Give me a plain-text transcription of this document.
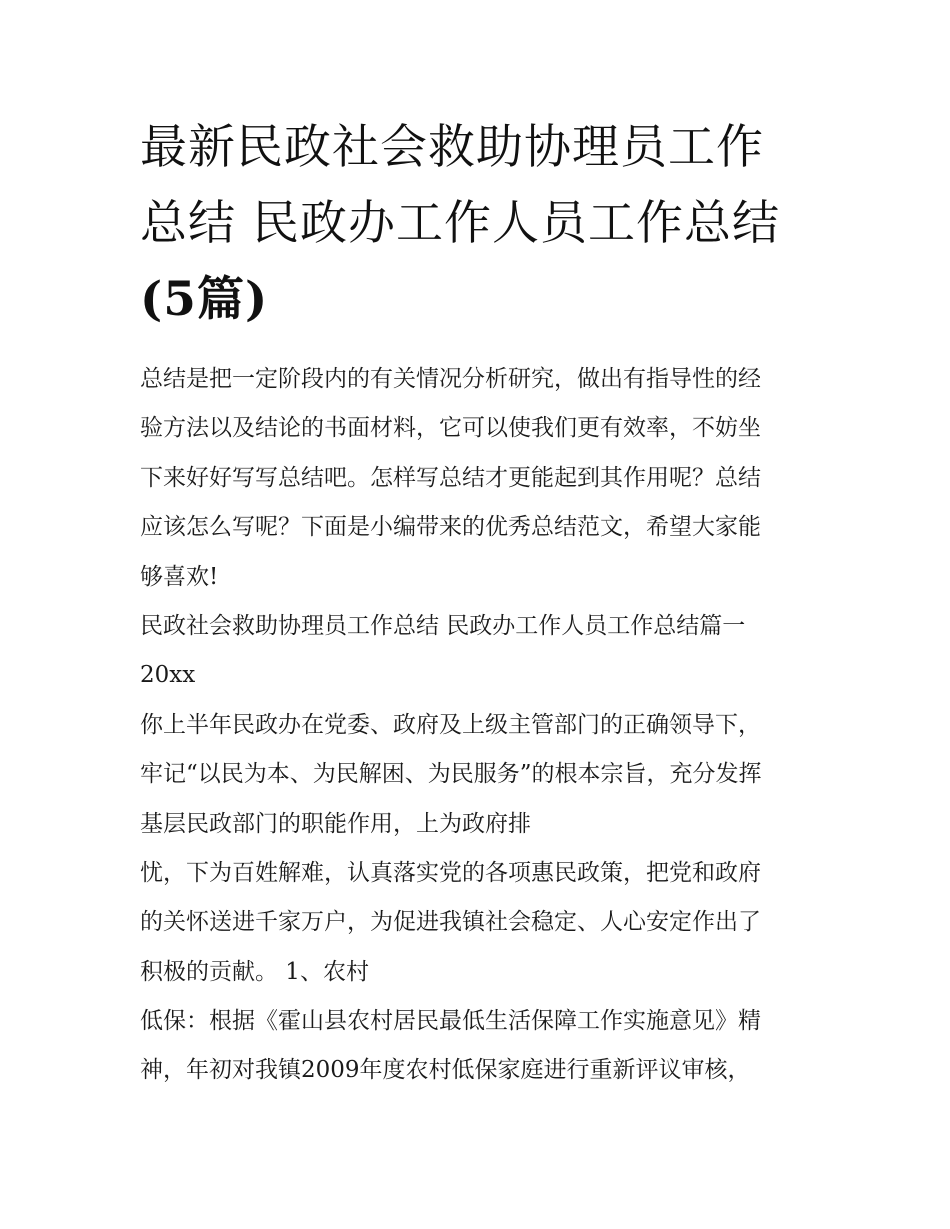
最新民政社会救助协理员工作
总结 民政办工作人员工作总结
(5篇)
总结是把一定阶段内的有关情况分析研究，做出有指导性的经
验方法以及结论的书面材料，它可以使我们更有效率，不妨坐
下来好好写写总结吧。怎样写总结才更能起到其作用呢？总结
应该怎么写呢？下面是小编带来的优秀总结范文，希望大家能
够喜欢!
民政社会救助协理员工作总结 民政办工作人员工作总结篇一
20xx
你上半年民政办在党委、政府及上级主管部门的正确领导下，
牢记“以民为本、为民解困、为民服务”的根本宗旨，充分发挥
基层民政部门的职能作用，上为政府排
忧，下为百姓解难，认真落实党的各项惠民政策，把党和政府
的关怀送进千家万户，为促进我镇社会稳定、人心安定作出了
积极的贡献。 1、农村
低保：根据《霍山县农村居民最低生活保障工作实施意见》精
神，年初对我镇2009年度农村低保家庭进行重新评议审核，
